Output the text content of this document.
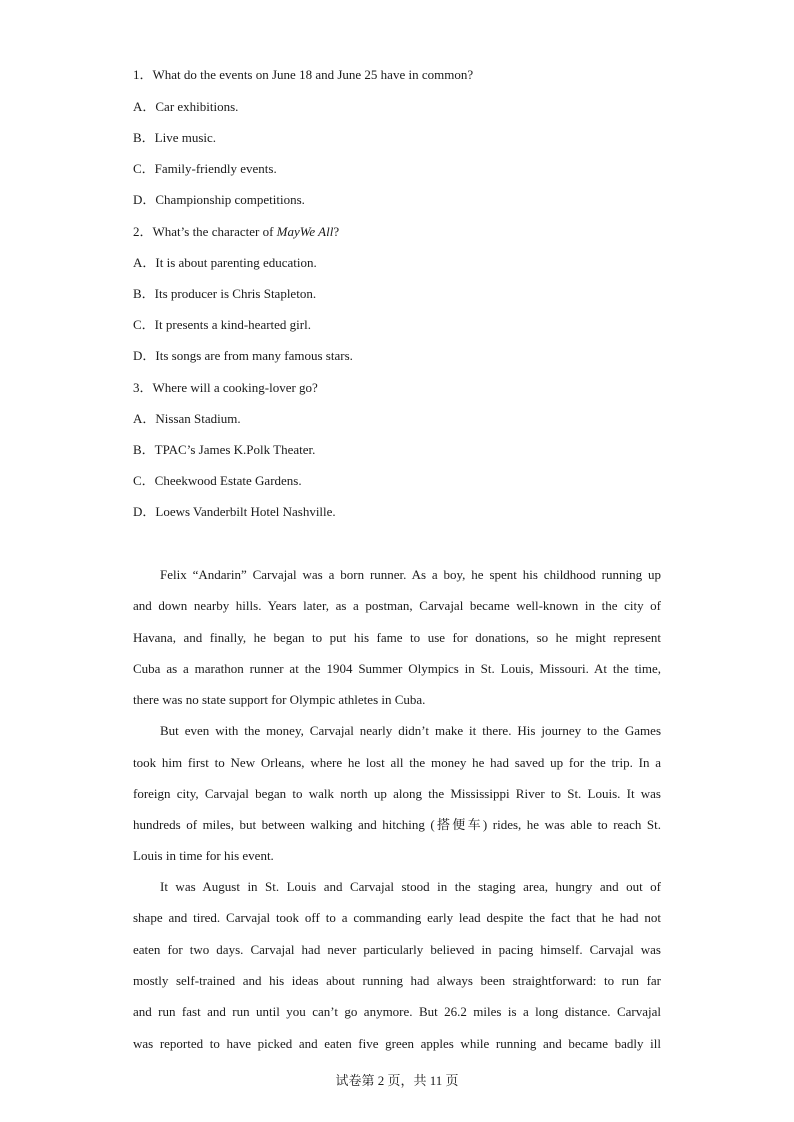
1．What do the events on June 18 and June 25 have in common?
A．Car exhibitions.
B．Live music.
C．Family-friendly events.
D．Championship competitions.
2．What’s the character of MayWe All?
A．It is about parenting education.
B．Its producer is Chris Stapleton.
C．It presents a kind-hearted girl.
D．Its songs are from many famous stars.
3．Where will a cooking-lover go?
A．Nissan Stadium.
B．TPAC’s James K.Polk Theater.
C．Cheekwood Estate Gardens.
D．Loews Vanderbilt Hotel Nashville.
Felix “Andarin” Carvajal was a born runner. As a boy, he spent his childhood running up
and down nearby hills. Years later, as a postman, Carvajal became well-known in the city of
Havana, and finally, he began to put his fame to use for donations, so he might represent
Cuba as a marathon runner at the 1904 Summer Olympics in St. Louis, Missouri. At the time,
there was no state support for Olympic athletes in Cuba.
But even with the money, Carvajal nearly didn’t make it there. His journey to the Games
took him first to New Orleans, where he lost all the money he had saved up for the trip. In a
foreign city, Carvajal began to walk north up along the Mississippi River to St. Louis. It was
hundreds of miles, but between walking and hitching (搭便车) rides, he was able to reach St.
Louis in time for his event.
It was August in St. Louis and Carvajal stood in the staging area, hungry and out of
shape and tired. Carvajal took off to a commanding early lead despite the fact that he had not
eaten for two days. Carvajal had never particularly believed in pacing himself. Carvajal was
mostly self-trained and his ideas about running had always been straightforward: to run far
and run fast and run until you can’t go anymore. But 26.2 miles is a long distance. Carvajal
was reported to have picked and eaten five green apples while running and became badly ill
试卷第 2 页，共 11 页
